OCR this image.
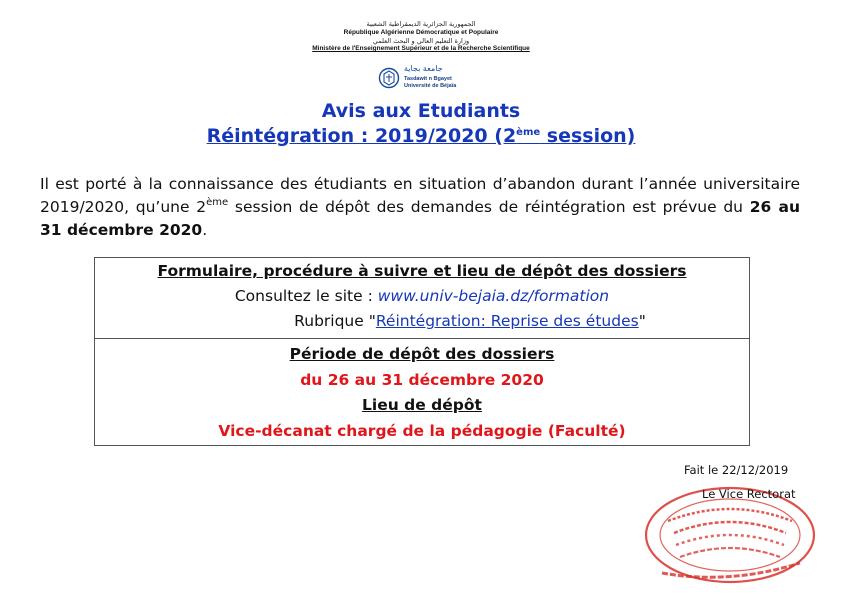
الجمهورية الجزائرية الديمقراطية الشعبية
République Algérienne Démocratique et Populaire
وزارة التعليم العالي و البحث العلمي
Ministère de l'Enseignement Supérieur et de la Recherche Scientifique
جامعة بجاية
Tasdawit n Bgayet
Université de Béjaïa
Avis aux Etudiants
Réintégration : 2019/2020 (2ème session)
Il est porté à la connaissance des étudiants en situation d’abandon durant l’année universitaire 2019/2020, qu’une 2ème session de dépôt des demandes de réintégration est prévue du 26 au 31 décembre 2020.
Formulaire, procédure à suivre et lieu de dépôt des dossiers
Consultez le site : www.univ-bejaia.dz/formation
Rubrique "Réintégration: Reprise des études"
Période de dépôt des dossiers
du 26 au 31 décembre 2020
Lieu de dépôt
Vice-décanat chargé de la pédagogie (Faculté)
Fait le 22/12/2019
Le Vice Rectorat
